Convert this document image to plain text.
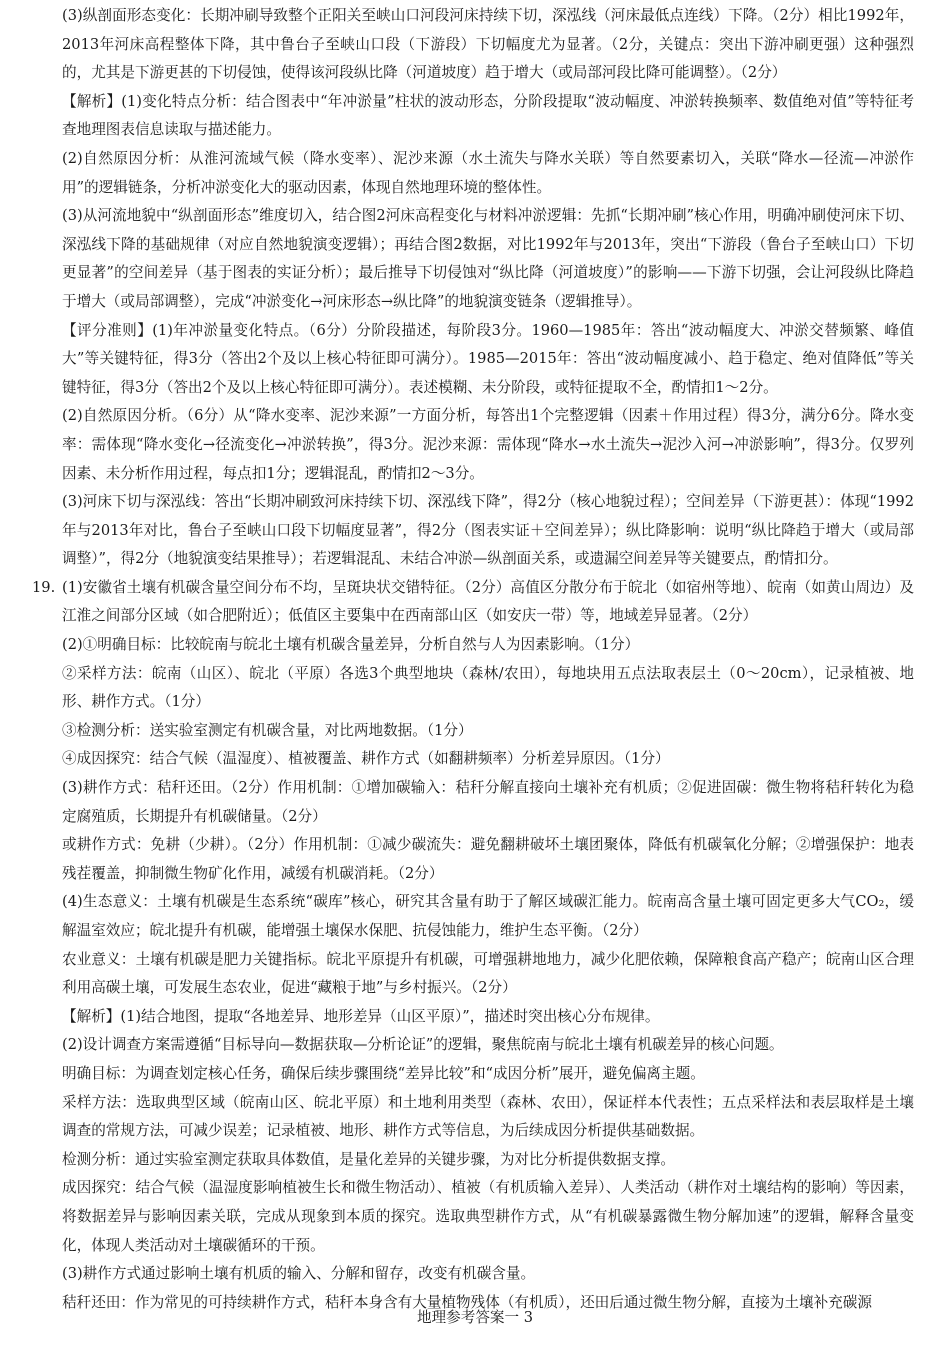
(3)纵剖面形态变化：长期冲刷导致整个正阳关至峡山口河段河床持续下切，深泓线（河床最低点连线）下降。（2分）相比1992年，2013年河床高程整体下降，其中鲁台子至峡山口段（下游段）下切幅度尤为显著。（2分，关键点：突出下游冲刷更强）这种强烈的，尤其是下游更甚的下切侵蚀，使得该河段纵比降（河道坡度）趋于增大（或局部河段比降可能调整）。（2分）

【解析】(1)变化特点分析：结合图表中“年冲淤量”柱状的波动形态，分阶段提取“波动幅度、冲淤转换频率、数值绝对值”等特征考查地理图表信息读取与描述能力。

(2)自然原因分析：从淮河流域气候（降水变率）、泥沙来源（水土流失与降水关联）等自然要素切入，关联“降水—径流—冲淤作用”的逻辑链条，分析冲淤变化大的驱动因素，体现自然地理环境的整体性。

(3)从河流地貌中“纵剖面形态”维度切入，结合图2河床高程变化与材料冲淤逻辑：先抓“长期冲刷”核心作用，明确冲刷使河床下切、深泓线下降的基础规律（对应自然地貌演变逻辑）；再结合图2数据，对比1992年与2013年，突出“下游段（鲁台子至峡山口）下切更显著”的空间差异（基于图表的实证分析）；最后推导下切侵蚀对“纵比降（河道坡度）”的影响——下游下切强，会让河段纵比降趋于增大（或局部调整），完成“冲淤变化→河床形态→纵比降”的地貌演变链条（逻辑推导）。

【评分准则】(1)年冲淤量变化特点。（6分）分阶段描述，每阶段3分。1960—1985年：答出“波动幅度大、冲淤交替频繁、峰值大”等关键特征，得3分（答出2个及以上核心特征即可满分）。1985—2015年：答出“波动幅度减小、趋于稳定、绝对值降低”等关键特征，得3分（答出2个及以上核心特征即可满分）。表述模糊、未分阶段，或特征提取不全，酌情扣1～2分。

(2)自然原因分析。（6分）从“降水变率、泥沙来源”一方面分析，每答出1个完整逻辑（因素＋作用过程）得3分，满分6分。降水变率：需体现“降水变化→径流变化→冲淤转换”，得3分。泥沙来源：需体现“降水→水土流失→泥沙入河→冲淤影响”，得3分。仅罗列因素、未分析作用过程，每点扣1分；逻辑混乱，酌情扣2～3分。

(3)河床下切与深泓线：答出“长期冲刷致河床持续下切、深泓线下降”，得2分（核心地貌过程）；空间差异（下游更甚）：体现“1992年与2013年对比，鲁台子至峡山口段下切幅度显著”，得2分（图表实证＋空间差异）；纵比降影响：说明“纵比降趋于增大（或局部调整）”，得2分（地貌演变结果推导）；若逻辑混乱、未结合冲淤—纵剖面关系，或遗漏空间差异等关键要点，酌情扣分。

19. (1)安徽省土壤有机碳含量空间分布不均，呈斑块状交错特征。（2分）高值区分散分布于皖北（如宿州等地）、皖南（如黄山周边）及江淮之间部分区域（如合肥附近）；低值区主要集中在西南部山区（如安庆一带）等，地域差异显著。（2分）

(2)①明确目标：比较皖南与皖北土壤有机碳含量差异，分析自然与人为因素影响。（1分）

②采样方法：皖南（山区）、皖北（平原）各选3个典型地块（森林/农田），每地块用五点法取表层土（0～20cm），记录植被、地形、耕作方式。（1分）

③检测分析：送实验室测定有机碳含量，对比两地数据。（1分）

④成因探究：结合气候（温湿度）、植被覆盖、耕作方式（如翻耕频率）分析差异原因。（1分）

(3)耕作方式：秸秆还田。（2分）作用机制：①增加碳输入：秸秆分解直接向土壤补充有机质；②促进固碳：微生物将秸秆转化为稳定腐殖质，长期提升有机碳储量。（2分）

或耕作方式：免耕（少耕）。（2分）作用机制：①减少碳流失：避免翻耕破坏土壤团聚体，降低有机碳氧化分解；②增强保护：地表残茬覆盖，抑制微生物矿化作用，减缓有机碳消耗。（2分）

(4)生态意义：土壤有机碳是生态系统“碳库”核心，研究其含量有助于了解区域碳汇能力。皖南高含量土壤可固定更多大气CO₂，缓解温室效应；皖北提升有机碳，能增强土壤保水保肥、抗侵蚀能力，维护生态平衡。（2分）

农业意义：土壤有机碳是肥力关键指标。皖北平原提升有机碳，可增强耕地地力，减少化肥依赖，保障粮食高产稳产；皖南山区合理利用高碳土壤，可发展生态农业，促进“藏粮于地”与乡村振兴。（2分）

【解析】(1)结合地图，提取“各地差异、地形差异（山区平原）”，描述时突出核心分布规律。

(2)设计调查方案需遵循“目标导向—数据获取—分析论证”的逻辑，聚焦皖南与皖北土壤有机碳差异的核心问题。

明确目标：为调查划定核心任务，确保后续步骤围绕“差异比较”和“成因分析”展开，避免偏离主题。

采样方法：选取典型区域（皖南山区、皖北平原）和土地利用类型（森林、农田），保证样本代表性；五点采样法和表层取样是土壤调查的常规方法，可减少误差；记录植被、地形、耕作方式等信息，为后续成因分析提供基础数据。

检测分析：通过实验室测定获取具体数值，是量化差异的关键步骤，为对比分析提供数据支撑。

成因探究：结合气候（温湿度影响植被生长和微生物活动）、植被（有机质输入差异）、人类活动（耕作对土壤结构的影响）等因素，将数据差异与影响因素关联，完成从现象到本质的探究。选取典型耕作方式，从“有机碳暴露微生物分解加速”的逻辑，解释含量变化，体现人类活动对土壤碳循环的干预。

(3)耕作方式通过影响土壤有机质的输入、分解和留存，改变有机碳含量。

秸秆还田：作为常见的可持续耕作方式，秸秆本身含有大量植物残体（有机质），还田后通过微生物分解，直接为土壤补充碳源

地理参考答案一 3
